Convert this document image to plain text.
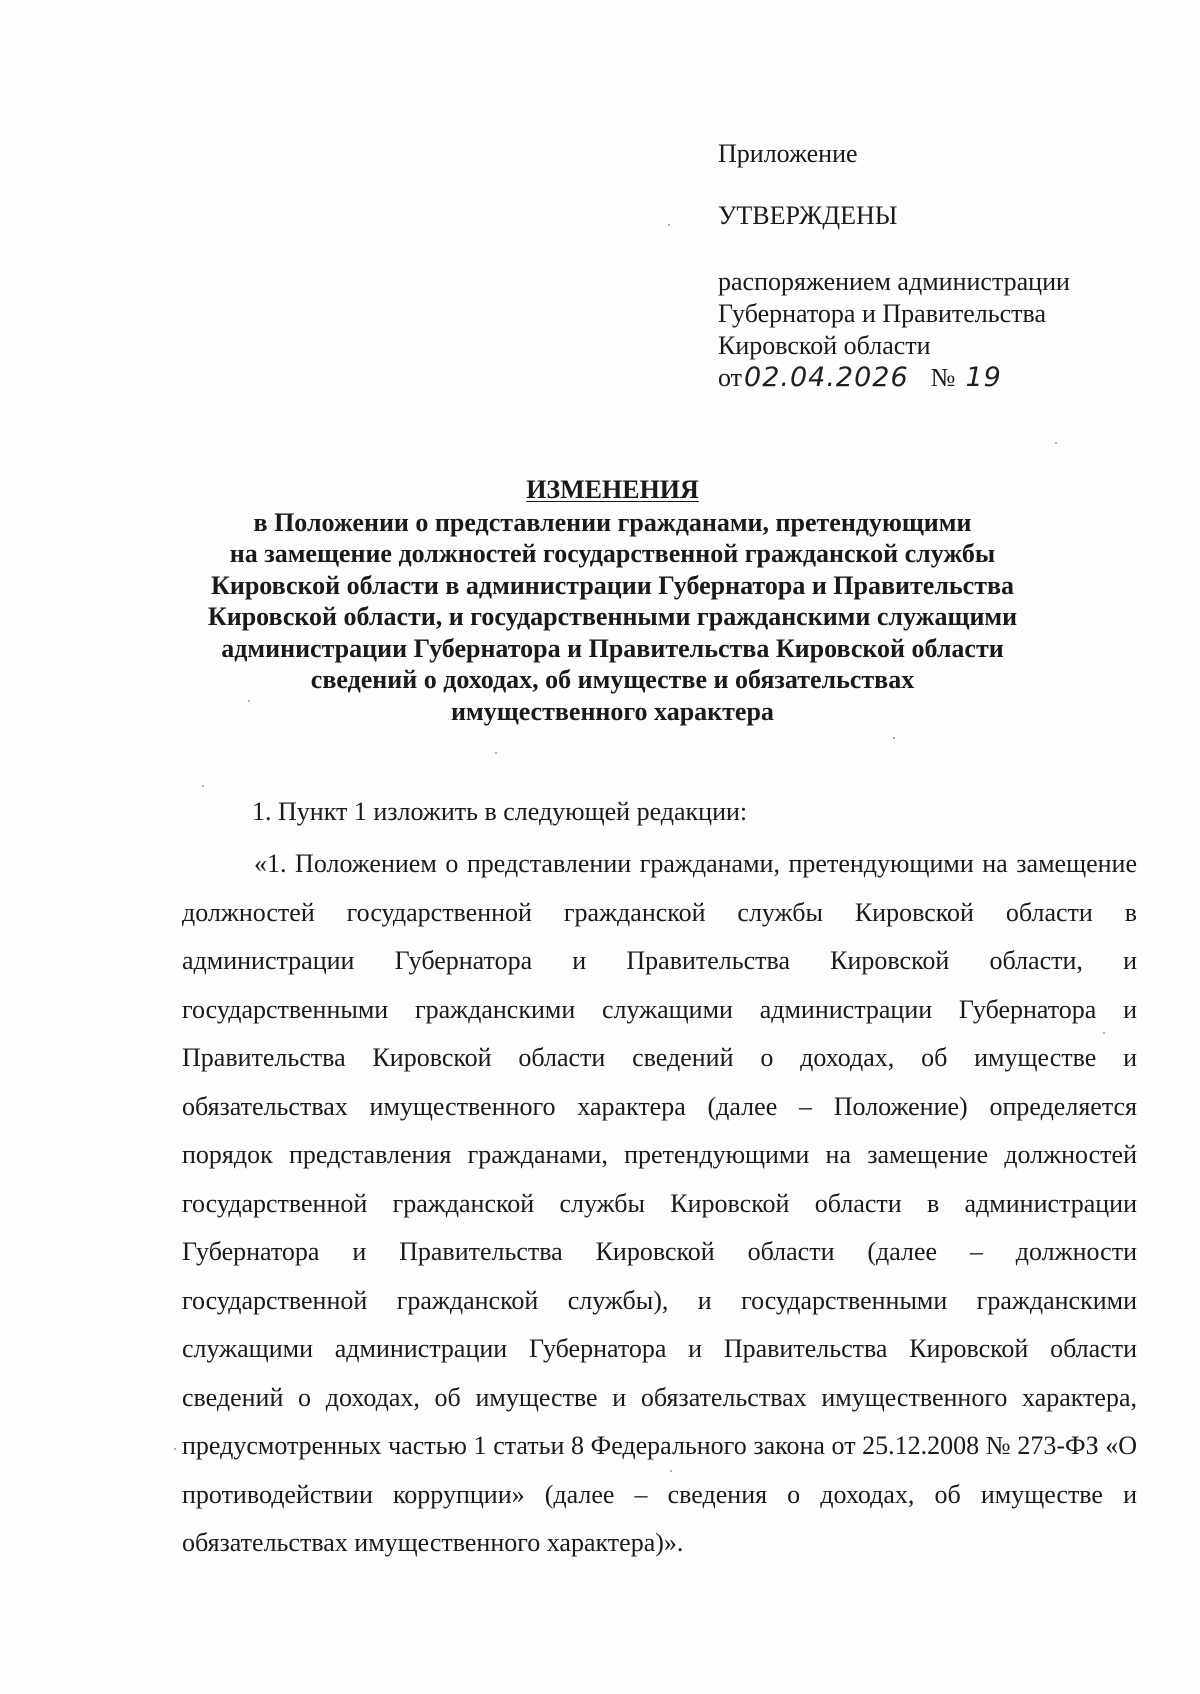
Приложение
УТВЕРЖДЕНЫ
распоряжением администрации
Губернатора и Правительства
Кировской области
от02.04.2026 № 19
ИЗМЕНЕНИЯ
в Положении о представлении гражданами, претендующими
на замещение должностей государственной гражданской службы
Кировской области в администрации Губернатора и Правительства
Кировской области, и государственными гражданскими служащими
администрации Губернатора и Правительства Кировской области
сведений о доходах, об имуществе и обязательствах
имущественного характера

1. Пункт 1 изложить в следующей редакции:

«1. Положением о представлении гражданами, претендующими на замещение должностей государственной гражданской службы Кировской области в администрации Губернатора и Правительства Кировской области, и государственными гражданскими служащими администрации Губернатора и Правительства Кировской области сведений о доходах, об имуществе и обязательствах имущественного характера (далее – Положение) определяется порядок представления гражданами, претендующими на замещение должностей государственной гражданской службы Кировской области в администрации Губернатора и Правительства Кировской области (далее – должности государственной гражданской службы), и государственными гражданскими служащими администрации Губернатора и Правительства Кировской области сведений о доходах, об имуществе и обязательствах имущественного характера, предусмотренных частью 1 статьи 8 Федерального закона от 25.12.2008 № 273-ФЗ «О противодействии коррупции» (далее – сведения о доходах, об имуществе и обязательствах имущественного характера)».
